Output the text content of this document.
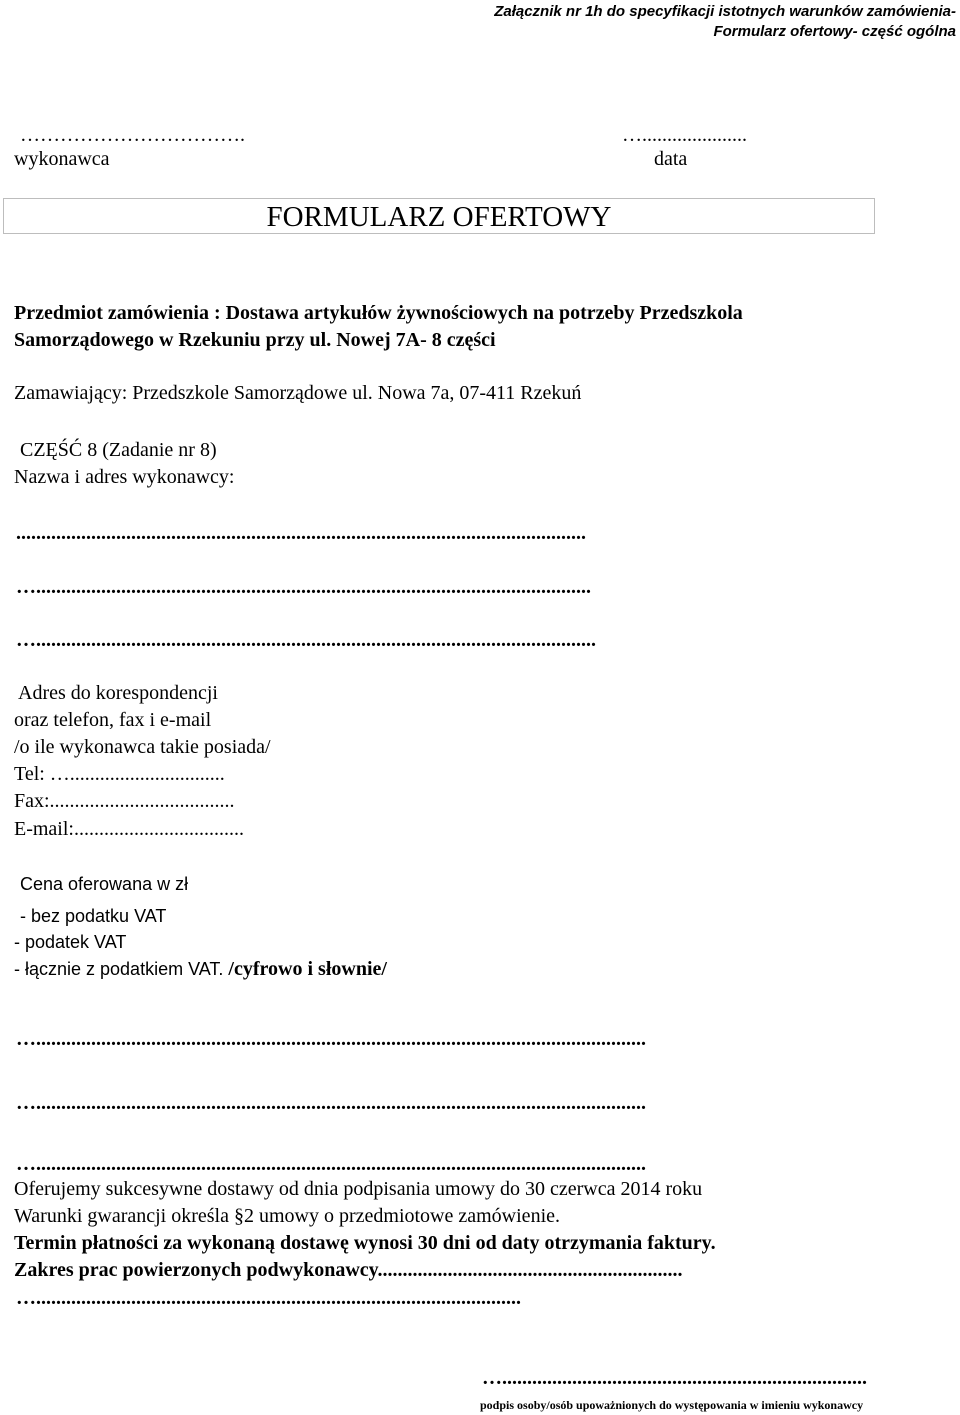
Załącznik nr 1h do specyfikacji istotnych warunków zamówienia-
Formularz ofertowy- część ogólna
…………………………….
wykonawca
….....................
data
FORMULARZ OFERTOWY
Przedmiot zamówienia : Dostawa artykułów żywnościowych na potrzeby Przedszkola
Samorządowego w Rzekuniu przy ul. Nowej 7A- 8 części
Zamawiający: Przedszkole Samorządowe ul. Nowa 7a, 07-411 Rzekuń
CZĘŚĆ 8 (Zadanie nr 8)
Nazwa i adres wykonawcy:
..................................................................................................................
…...............................................................................................................
…................................................................................................................
Adres do korespondencji
oraz telefon, fax i e-mail
/o ile wykonawca takie posiada/
Tel: …...............................
Fax:.....................................
E-mail:..................................
Cena oferowana w zł
- bez podatku VAT
- podatek VAT
- łącznie z podatkiem VAT. /cyfrowo i słownie/
…..........................................................................................................................
…..........................................................................................................................
…..........................................................................................................................
Oferujemy sukcesywne dostawy od dnia podpisania umowy do 30 czerwca 2014 roku
Warunki gwarancji określa §2 umowy o przedmiotowe zamówienie.
Termin płatności za wykonaną dostawę wynosi 30 dni od daty otrzymania faktury.
Zakres prac powierzonych podwykonawcy.............................................................
….................................................................................................
….........................................................................
podpis osoby/osób upoważnionych do występowania w imieniu wykonawcy
